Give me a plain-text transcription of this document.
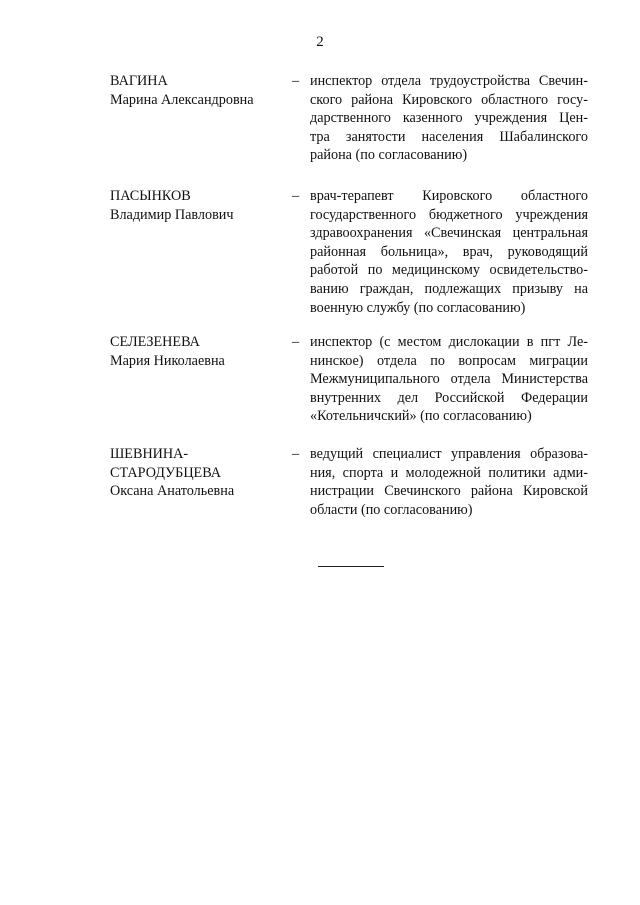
2
ВАГИНА
Марина Александровна
– инспектор отдела трудоустройства Свечин-
ского района Кировского областного госу-
дарственного казенного учреждения Цен-
тра занятости населения Шабалинского
района (по согласованию)
ПАСЫНКОВ
Владимир Павлович
– врач-терапевт Кировского областного
государственного бюджетного учреждения
здравоохранения «Свечинская центральная
районная больница», врач, руководящий
работой по медицинскому освидетельство-
ванию граждан, подлежащих призыву на
военную службу (по согласованию)
СЕЛЕЗЕНЕВА
Мария Николаевна
– инспектор (с местом дислокации в пгт Ле-
нинское) отдела по вопросам миграции
Межмуниципального отдела Министерства
внутренних дел Российской Федерации
«Котельничский» (по согласованию)
ШЕВНИНА-
СТАРОДУБЦЕВА
Оксана Анатольевна
– ведущий специалист управления образова-
ния, спорта и молодежной политики адми-
нистрации Свечинского района Кировской
области (по согласованию)
